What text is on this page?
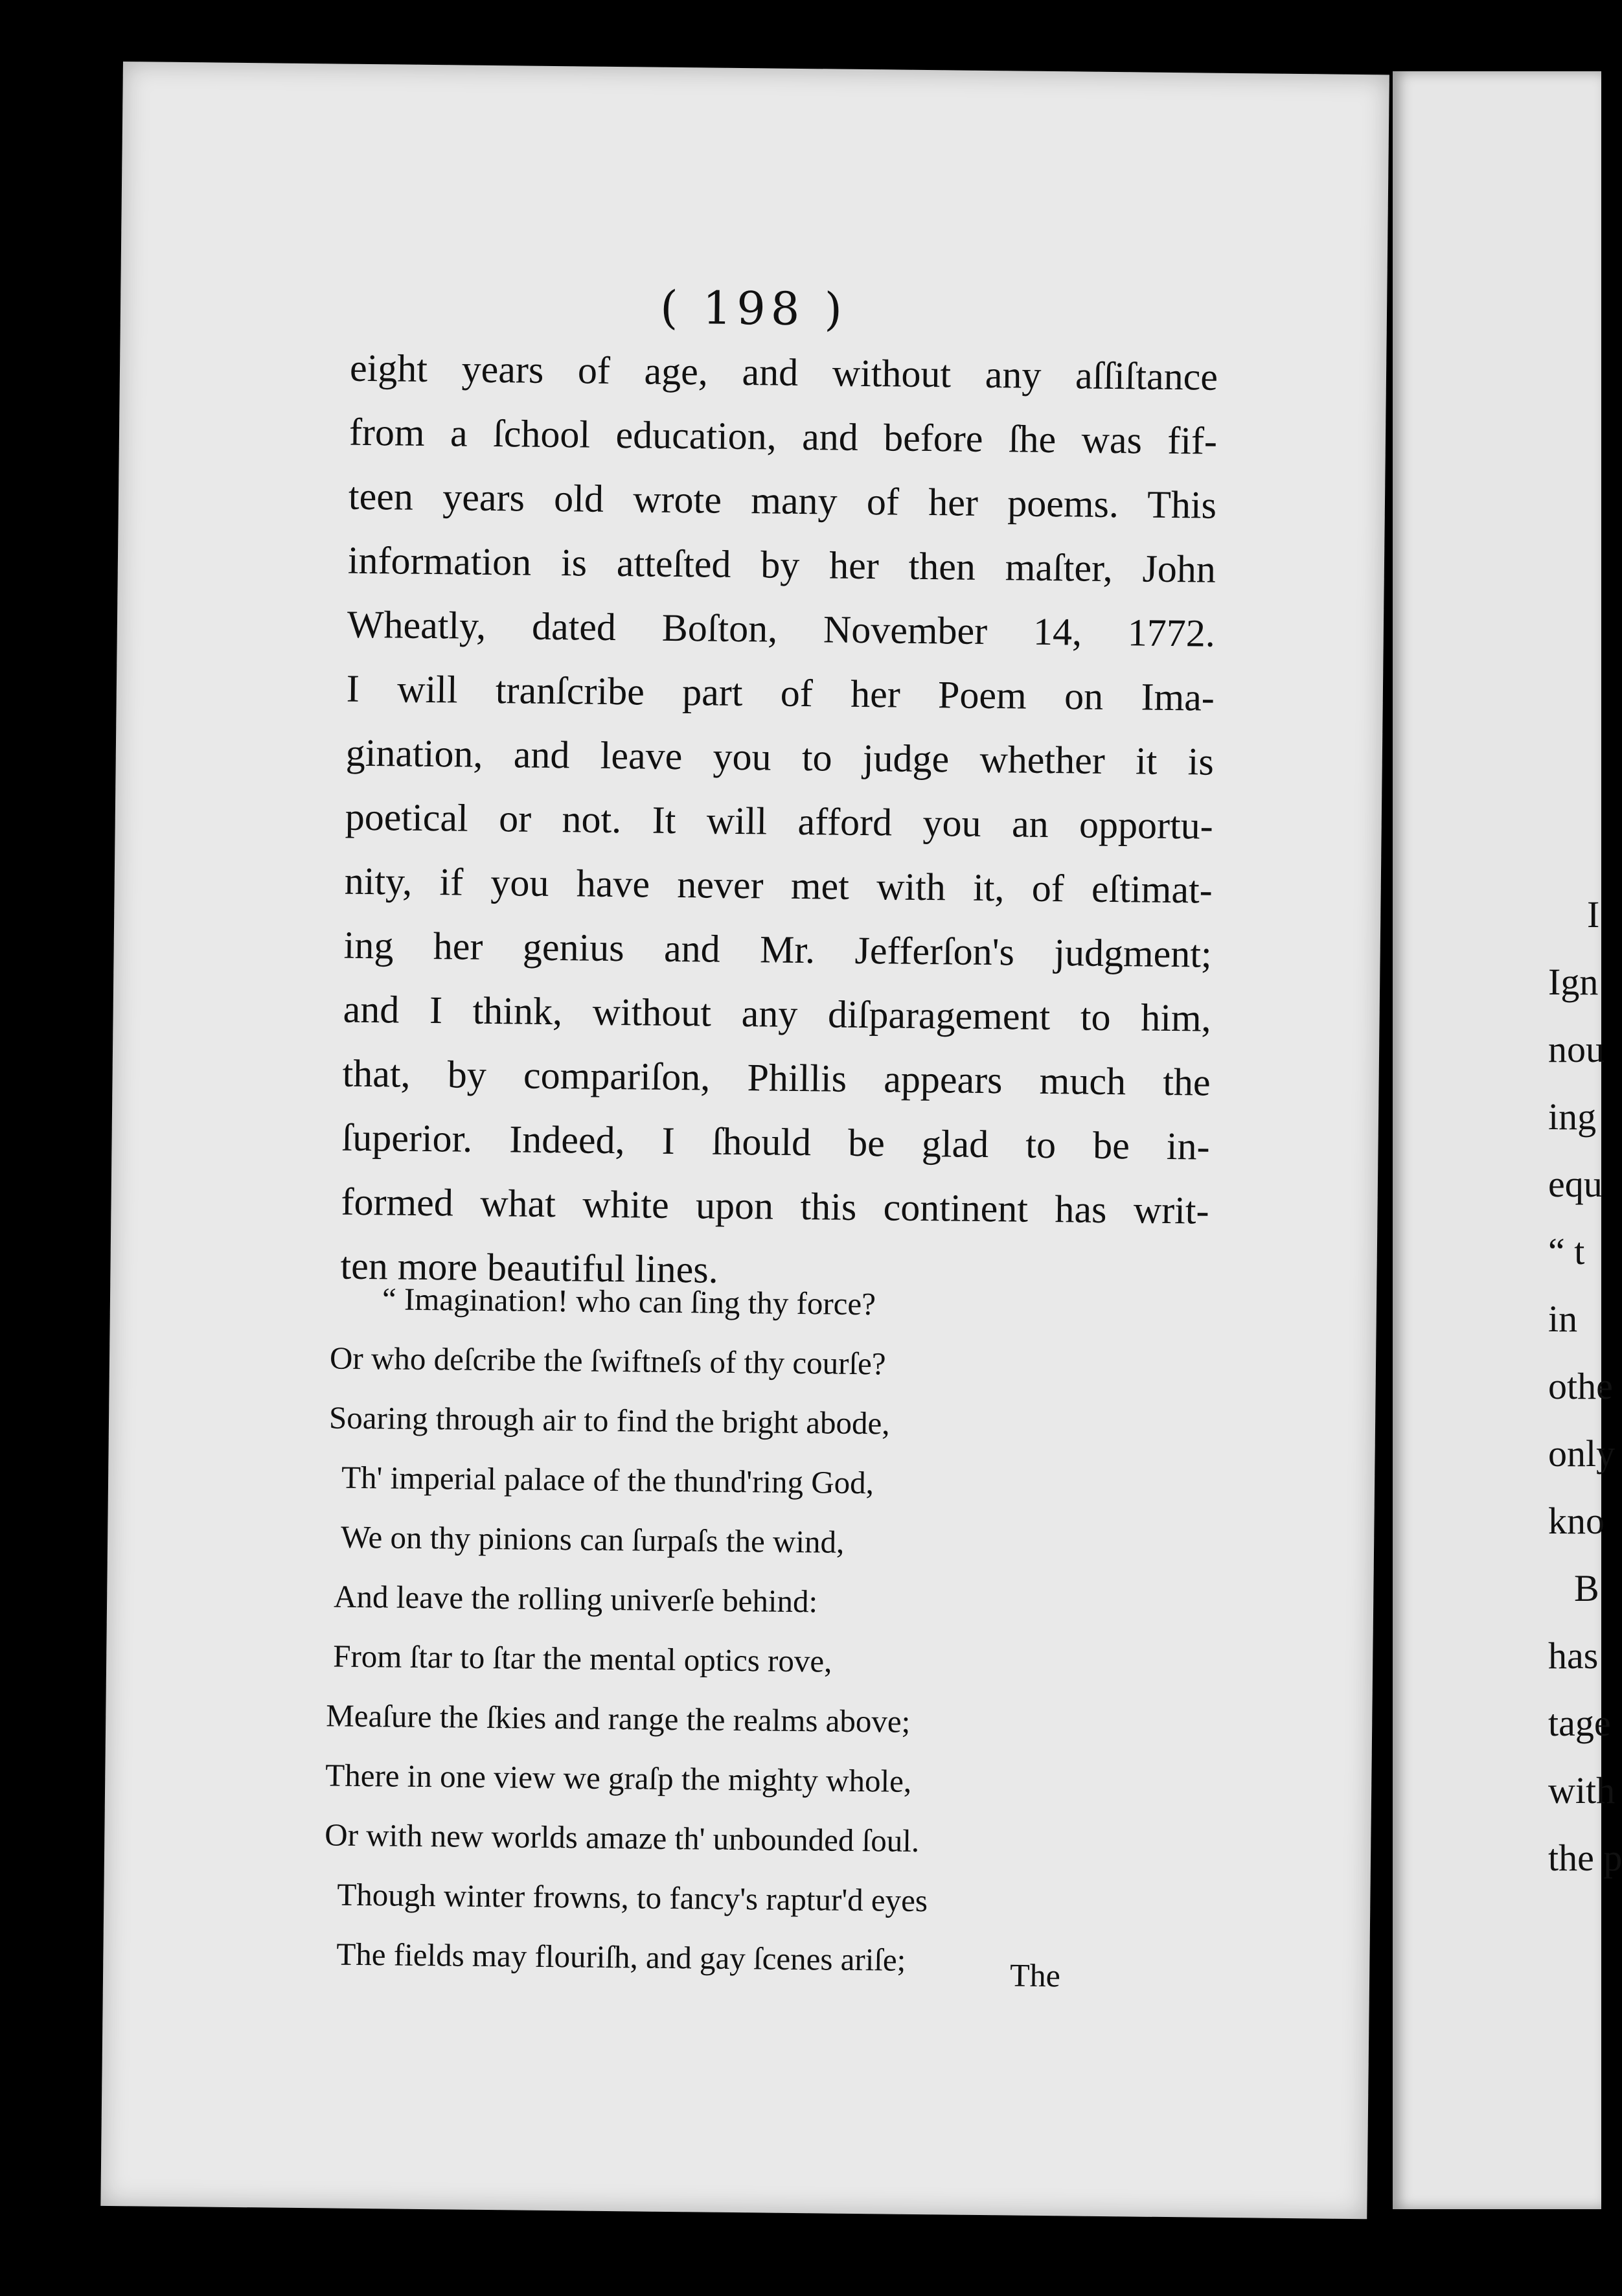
( 198 )
eight years of age, and without any aſſiſtance
from a ſchool education, and before ſhe was fif-
teen years old wrote many of her poems. This
information is atteſted by her then maſter, John
Wheatly, dated Boſton, November 14, 1772.
I will tranſcribe part of her Poem on Ima-
gination, and leave you to judge whether it is
poetical or not. It will afford you an opportu-
nity, if you have never met with it, of eſtimat-
ing her genius and Mr. Jefferſon's judgment;
and I think, without any diſparagement to him,
that, by compariſon, Phillis appears much the
ſuperior. Indeed, I ſhould be glad to be in-
formed what white upon this continent has writ-
ten more beautiful lines.
“ Imagination! who can ſing thy force?
Or who deſcribe the ſwiftneſs of thy courſe?
Soaring through air to find the bright abode,
Th' imperial palace of the thund'ring God,
We on thy pinions can ſurpaſs the wind,
And leave the rolling univerſe behind:
From ſtar to ſtar the mental optics rove,
Meaſure the ſkies and range the realms above;
There in one view we graſp the mighty whole,
Or with new worlds amaze th' unbounded ſoul.
Though winter frowns, to fancy's raptur'd eyes
The fields may flouriſh, and gay ſcenes ariſe;	The
I
Ign
nou
ing
equ
“ t
in
othe
only
kno
B
has
tage
with
the p
